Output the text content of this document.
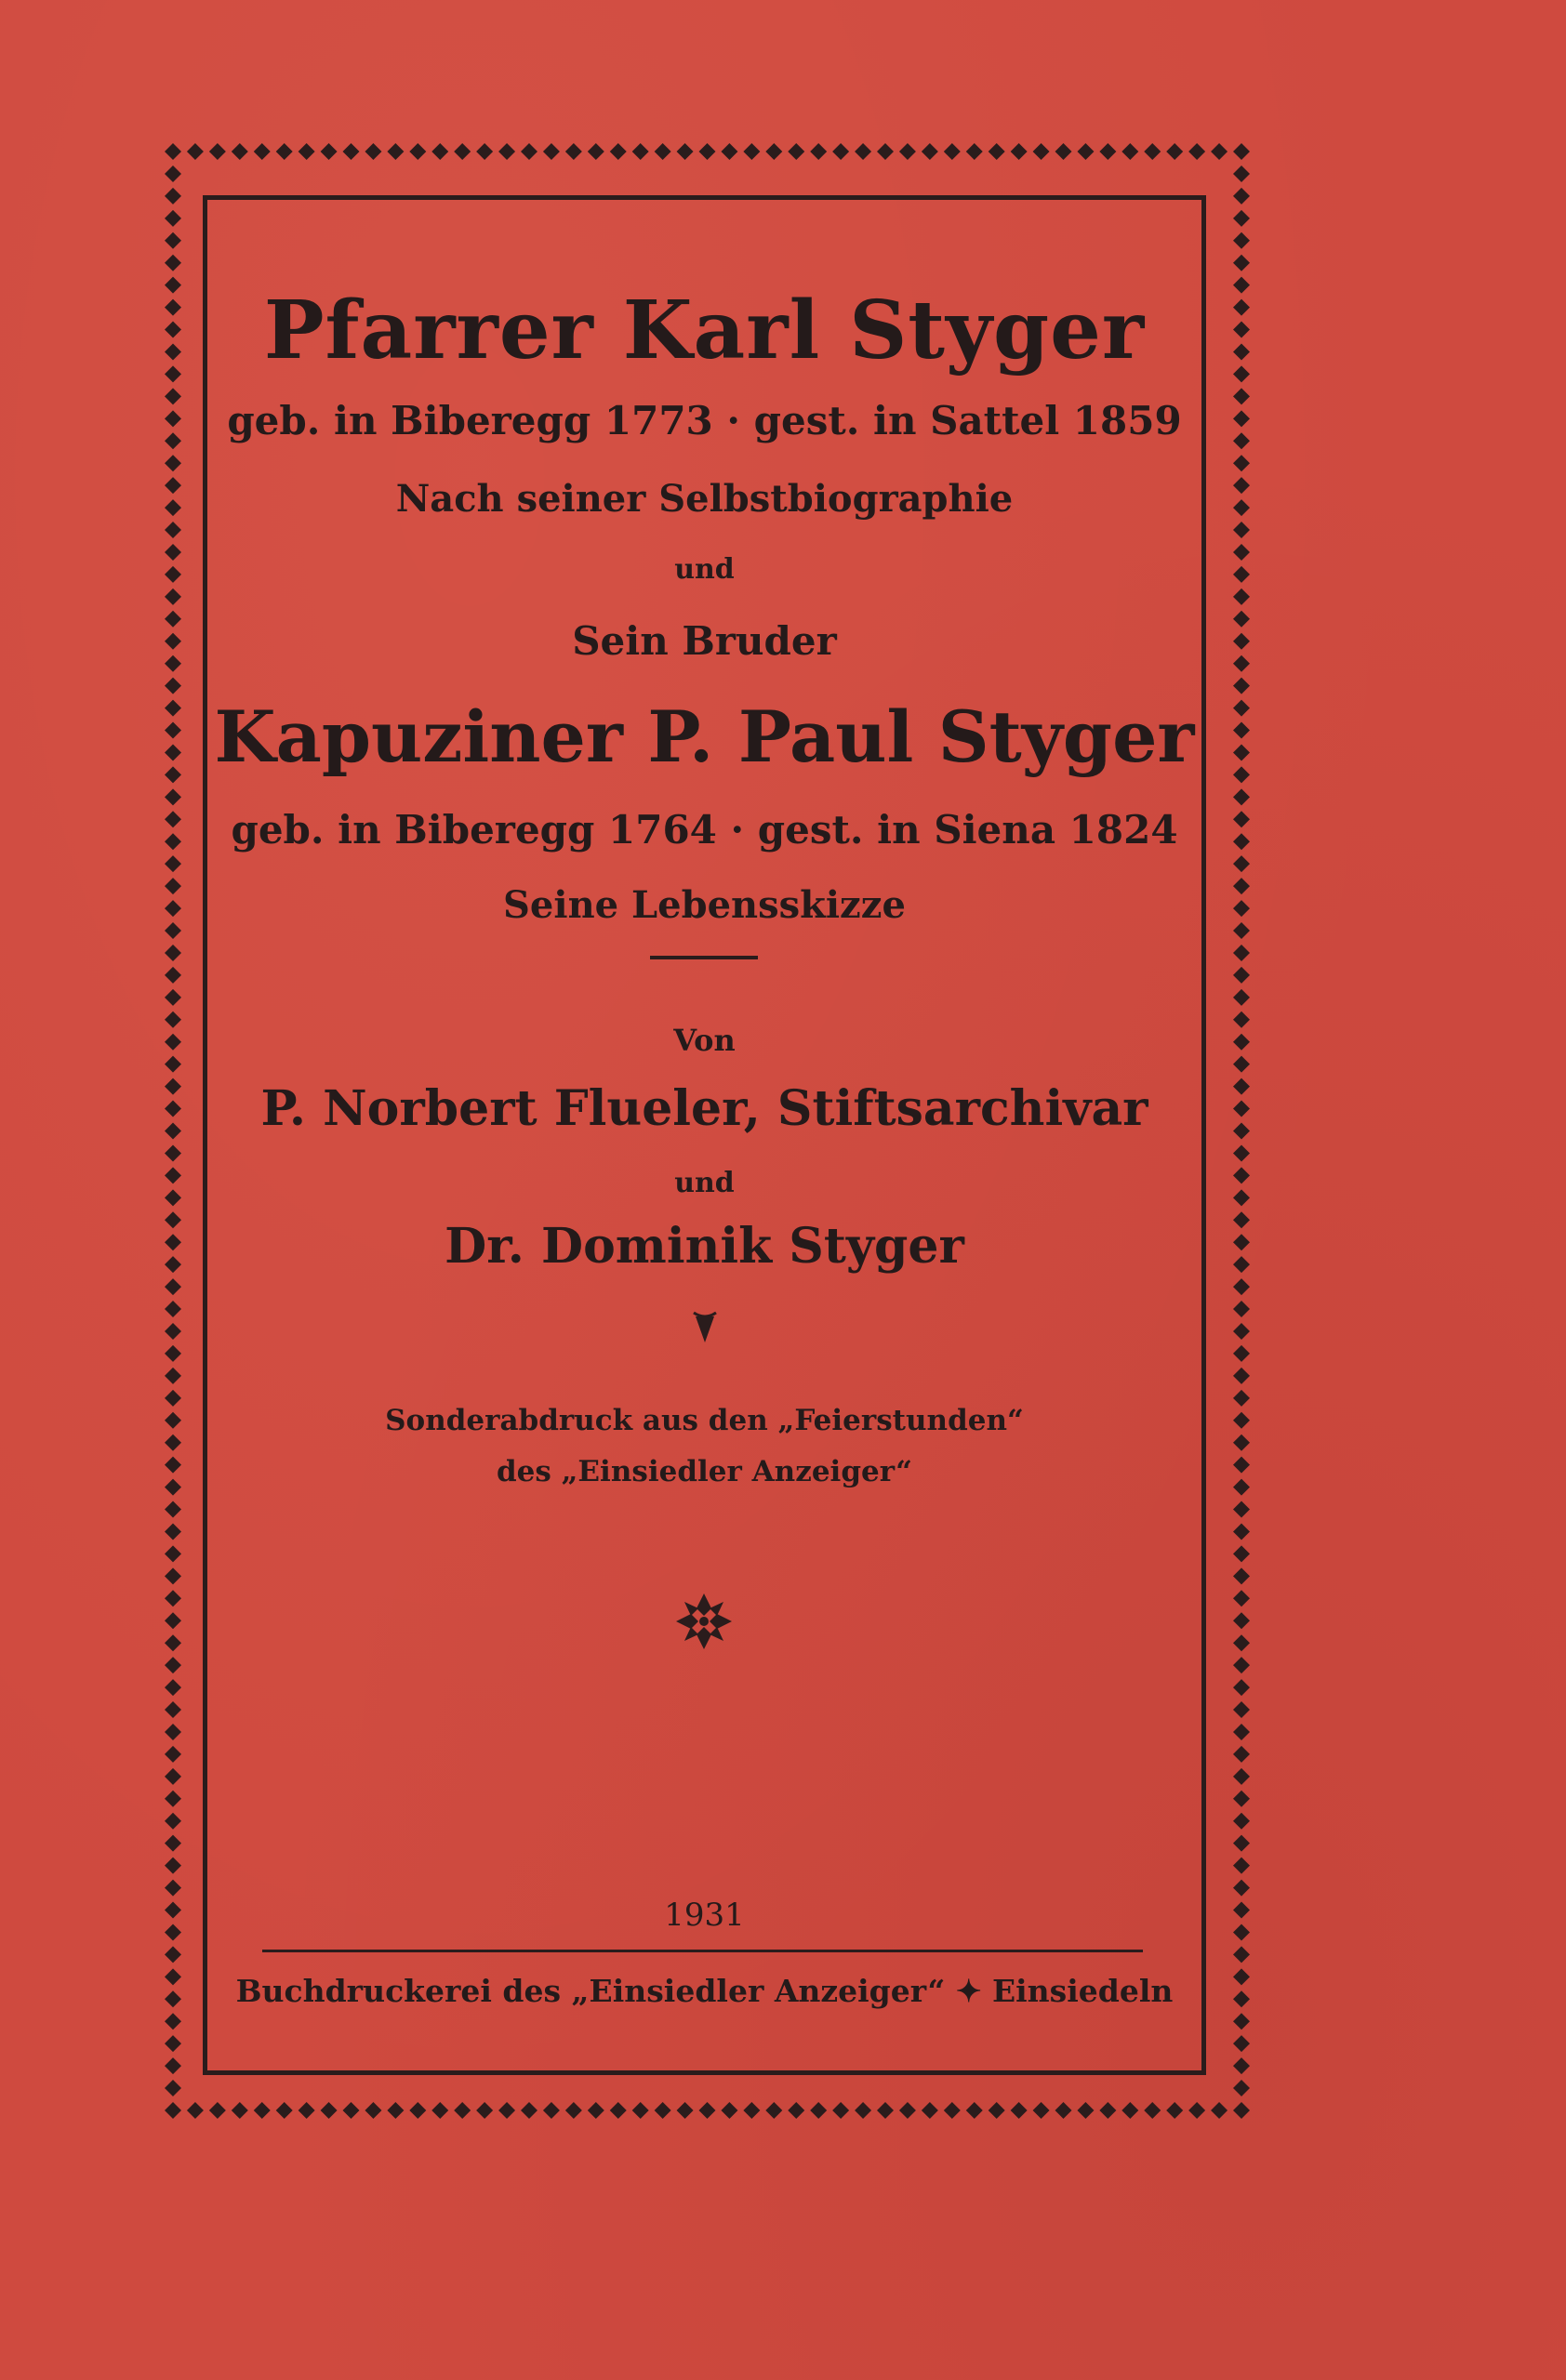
Pfarrer Karl Styger
geb. in Biberegg 1773 · gest. in Sattel 1859
Nach seiner Selbstbiographie
und
Sein Bruder
Kapuziner P. Paul Styger
geb. in Biberegg 1764 · gest. in Siena 1824
Seine Lebensskizze
Von
P. Norbert Flueler, Stiftsarchivar
und
Dr. Dominik Styger
Sonderabdruck aus den „Feierstunden“
des „Einsiedler Anzeiger“
1931
Buchdruckerei des „Einsiedler Anzeiger“ ✦ Einsiedeln
